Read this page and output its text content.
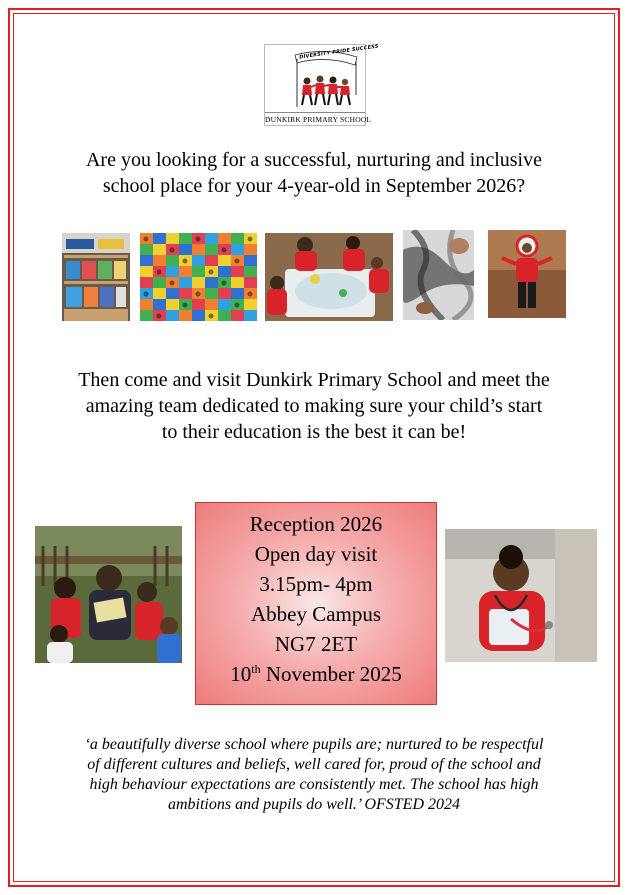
DIVERSITY PRIDE SUCCESS
DUNKIRK PRIMARY SCHOOL
Are you looking for a successful, nurturing and inclusive
school place for your 4-year-old in September 2026?
Then come and visit Dunkirk Primary School and meet the
amazing team dedicated to making sure your child’s start
to their education is the best it can be!
Reception 2026
Open day visit
3.15pm- 4pm
Abbey Campus
NG7 2ET
10th November 2025
‘a beautifully diverse school where pupils are; nurtured to be respectful
of different cultures and beliefs, well cared for, proud of the school and
high behaviour expectations are consistently met. The school has high
ambitions and pupils do well.’ OFSTED 2024
